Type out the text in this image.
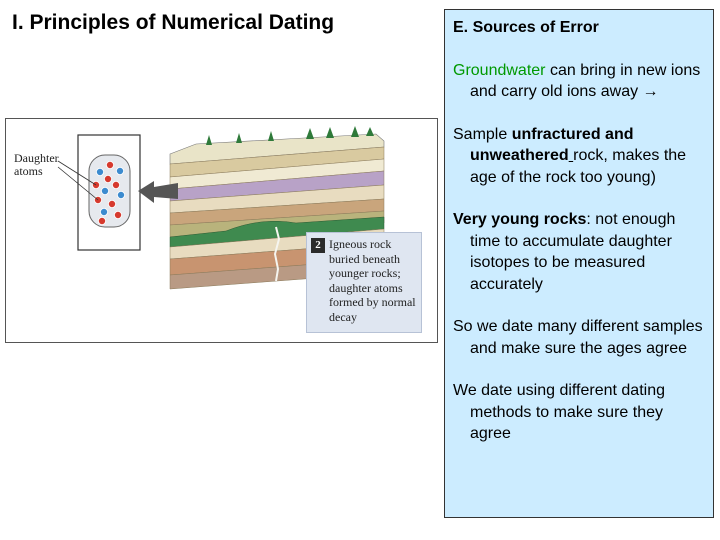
I. Principles of Numerical Dating
Daughter atoms
2 Igneous rock buried beneath younger rocks; daughter atoms formed by normal decay

E. Sources of Error

Groundwater can bring in new ions and carry old ions away →

Sample unfractured and unweathered rock, makes the age of the rock too young)

Very young rocks: not enough time to accumulate daughter isotopes to be measured accurately

So we date many different samples and make sure the ages agree

We date using different dating methods to make sure they agree
